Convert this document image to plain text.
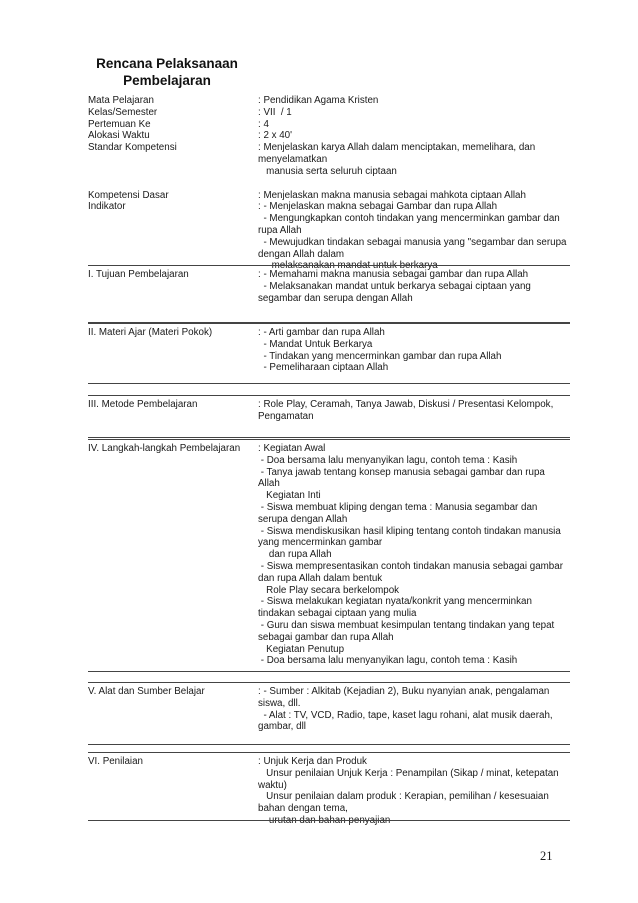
Rencana Pelaksanaan Pembelajaran
Mata Pelajaran	: Pendidikan Agama Kristen
Kelas/Semester	: VII  / 1
Pertemuan Ke	: 4
Alokasi Waktu	: 2 x 40'
Standar Kompetensi	: Menjelaskan karya Allah dalam menciptakan, memelihara, dan
menyelamatkan
manusia serta seluruh ciptaan
Kompetensi Dasar	: Menjelaskan makna manusia sebagai mahkota ciptaan Allah
Indikator	: - Menjelaskan makna sebagai Gambar dan rupa Allah
- Mengungkapkan contoh tindakan yang mencerminkan gambar dan
rupa Allah
- Mewujudkan tindakan sebagai manusia yang "segambar dan serupa
dengan Allah dalam
melaksanakan mandat untuk berkarya
I. Tujuan Pembelajaran	: - Memahami makna manusia sebagai gambar dan rupa Allah
- Melaksanakan mandat untuk berkarya sebagai ciptaan yang
segambar dan serupa dengan Allah
II. Materi Ajar (Materi Pokok)	: - Arti gambar dan rupa Allah
- Mandat Untuk Berkarya
- Tindakan yang mencerminkan gambar dan rupa Allah
- Pemeliharaan ciptaan Allah
III. Metode Pembelajaran	: Role Play, Ceramah, Tanya Jawab, Diskusi / Presentasi Kelompok,
Pengamatan
IV. Langkah-langkah Pembelajaran	: Kegiatan Awal
- Doa bersama lalu menyanyikan lagu, contoh tema : Kasih
- Tanya jawab tentang konsep manusia sebagai gambar dan rupa
Allah
Kegiatan Inti
- Siswa membuat kliping dengan tema : Manusia segambar dan
serupa dengan Allah
- Siswa mendiskusikan hasil kliping tentang contoh tindakan manusia
yang mencerminkan gambar
dan rupa Allah
- Siswa mempresentasikan contoh tindakan manusia sebagai gambar
dan rupa Allah dalam bentuk
Role Play secara berkelompok
- Siswa melakukan kegiatan nyata/konkrit yang mencerminkan
tindakan sebagai ciptaan yang mulia
- Guru dan siswa membuat kesimpulan tentang tindakan yang tepat
sebagai gambar dan rupa Allah
Kegiatan Penutup
- Doa bersama lalu menyanyikan lagu, contoh tema : Kasih
V. Alat dan Sumber Belajar	: - Sumber : Alkitab (Kejadian 2), Buku nyanyian anak, pengalaman
siswa, dll.
- Alat : TV, VCD, Radio, tape, kaset lagu rohani, alat musik daerah,
gambar, dll
VI. Penilaian	: Unjuk Kerja dan Produk
Unsur penilaian Unjuk Kerja : Penampilan (Sikap / minat, ketepatan
waktu)
Unsur penilaian dalam produk : Kerapian, pemilihan / kesesuaian
bahan dengan tema,
urutan dan bahan penyajian
21
